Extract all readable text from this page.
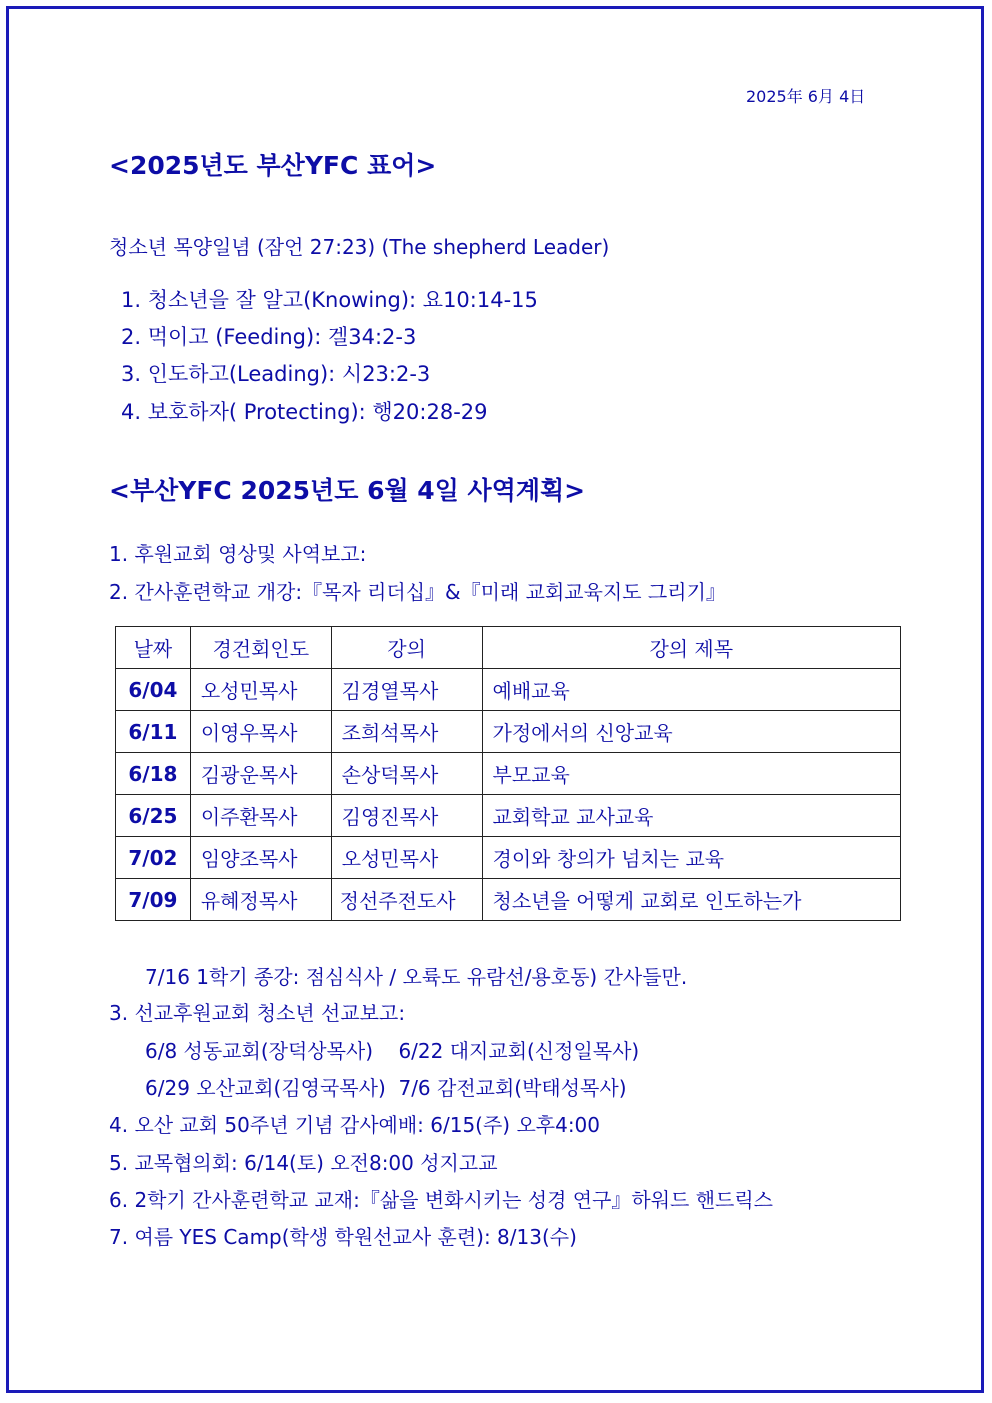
2025年 6月 4日
<2025년도 부산YFC 표어>
청소년 목양일념 (잠언 27:23) (The shepherd Leader)
1. 청소년을 잘 알고(Knowing): 요10:14-15
2. 먹이고 (Feeding): 겔34:2-3
3. 인도하고(Leading): 시23:2-3
4. 보호하자( Protecting): 행20:28-29
<부산YFC 2025년도 6월 4일 사역계획>
1. 후원교회 영상및 사역보고:
2. 간사훈련학교 개강:『목자 리더십』&『미래 교회교육지도 그리기』
날짜	경건회인도	강의	강의 제목
6/04	오성민목사	김경열목사	예배교육
6/11	이영우목사	조희석목사	가정에서의 신앙교육
6/18	김광운목사	손상덕목사	부모교육
6/25	이주환목사	김영진목사	교회학교 교사교육
7/02	임양조목사	오성민목사	경이와 창의가 넘치는 교육
7/09	유혜정목사	정선주전도사	청소년을 어떻게 교회로 인도하는가
7/16 1학기 종강: 점심식사 / 오륙도 유람선/용호동) 간사들만.
3. 선교후원교회 청소년 선교보고:
6/8 성동교회(장덕상목사)    6/22 대지교회(신정일목사)
6/29 오산교회(김영국목사)  7/6 감전교회(박태성목사)
4. 오산 교회 50주년 기념 감사예배: 6/15(주) 오후4:00
5. 교목협의회: 6/14(토) 오전8:00 성지고교
6. 2학기 간사훈련학교 교재:『삶을 변화시키는 성경 연구』하워드 핸드릭스
7. 여름 YES Camp(학생 학원선교사 훈련): 8/13(수)
